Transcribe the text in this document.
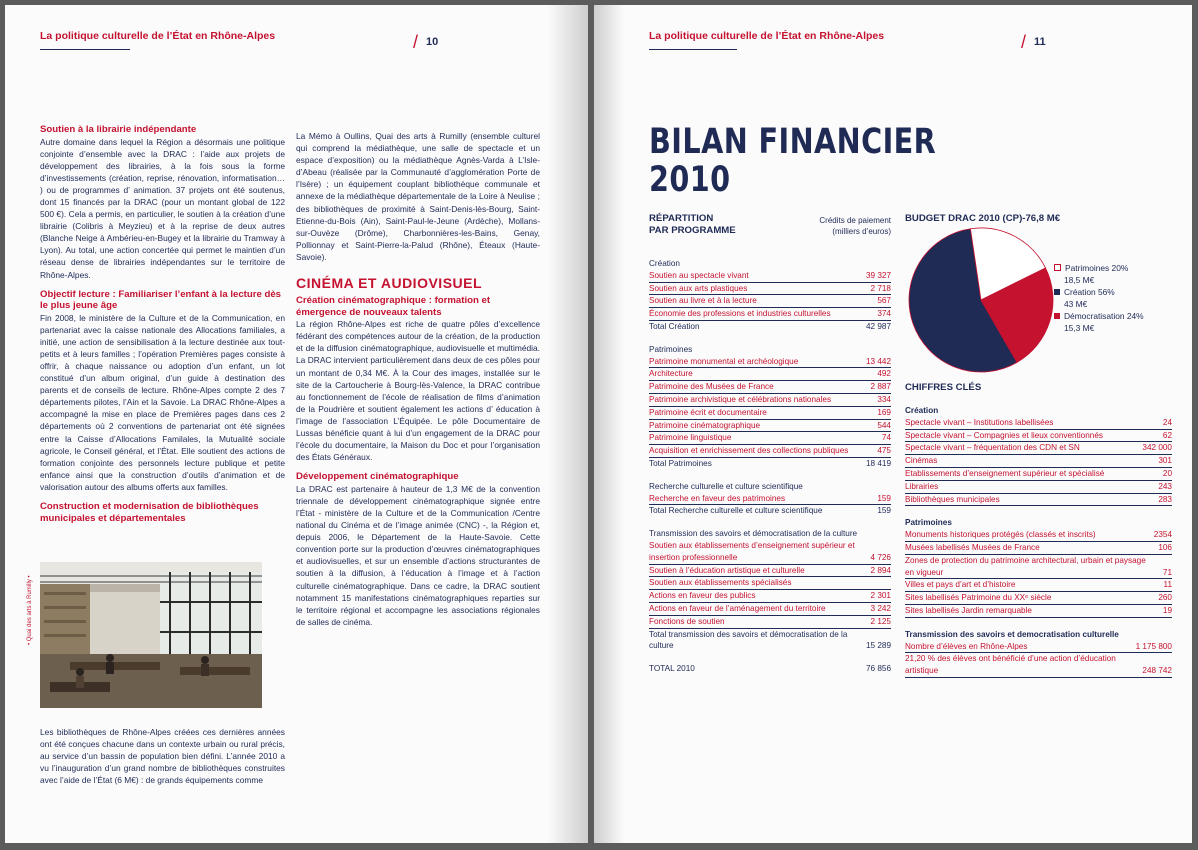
La politique culturelle de l’État en Rhône-Alpes	/ 10
Soutien à la librairie indépendante

Autre domaine dans lequel la Région a désormais une politique conjointe d’ensemble avec la DRAC : l’aide aux projets de développement des librairies, à la fois sous la forme d’investissements (création, reprise, rénovation, informatisation… ) ou de programmes d’ animation. 37 projets ont été soutenus, dont 15 financés par la DRAC (pour un montant global de 122 500 €). Cela a permis, en particulier, le soutien à la création d’une librairie (Colibris à Meyzieu) et à la reprise de deux autres (Blanche Neige à Ambérieu-en-Bugey et la librairie du Tramway à Lyon). Au total, une action concertée qui permet le maintien d’un réseau dense de librairies indépendantes sur le territoire de Rhône-Alpes.

Objectif lecture : Familiariser l’enfant à la lecture dès le plus jeune âge

Fin 2008, le ministère de la Culture et de la Communication, en partenariat avec la caisse nationale des Allocations familiales, a initié, une action de sensibilisation à la lecture destinée aux tout-petits et à leurs familles ; l’opération Premières pages consiste à offrir, à chaque naissance ou adoption d’un enfant, un lot constitué d’un album original, d’un guide à destination des parents et de conseils de lecture. Rhône-Alpes compte 2 des 7 départements pilotes, l’Ain et la Savoie. La DRAC Rhône-Alpes a accompagné la mise en place de Premières pages dans ces 2 départements où 2 conventions de partenariat ont été signées entre la Caisse d’Allocations Familales, la Mutualité sociale agricole, le Conseil général, et l’État. Elle soutient des actions de formation conjointe des personnels lecture publique et petite enfance ainsi que la construction d’outils d’animation et de valorisation autour des albums offerts aux familles.

Construction et modernisation de bibliothèques municipales et départementales
• Quai des arts à Rumilly •

Les bibliothèques de Rhône-Alpes créées ces dernières années ont été conçues chacune dans un contexte urbain ou rural précis, au service d’un bassin de population bien défini. L’année 2010 a vu l’inauguration d’un grand nombre de bibliothèques construites avec l’aide de l’État (6 M€) : de grands équipements comme

La Mémo à Oullins, Quai des arts à Rumilly (ensemble culturel qui comprend la médiathèque, une salle de spectacle et un espace d’exposition) ou la médiathèque Agnès-Varda à L’Isle-d’Abeau (réalisée par la Communauté d’agglomération Porte de l’Isère) ; un équipement couplant bibliothèque communale et annexe de la médiathèque départementale de la Loire à Neulise ; des bibliothèques de proximité à Saint-Denis-lès-Bourg, Saint-Etienne-du-Bois (Ain), Saint-Paul-le-Jeune (Ardèche), Mollans-sur-Ouvèze (Drôme), Charbonnières-les-Bains, Genay, Pollionnay et Saint-Pierre-la-Palud (Rhône), Éteaux (Haute-Savoie).

CINÉMA ET AUDIOVISUEL
Création cinématographique : formation et émergence de nouveaux talents

La région Rhône-Alpes est riche de quatre pôles d’excellence fédérant des compétences autour de la création, de la production et de la diffusion cinématographique, audiovisuelle et multimédia. La DRAC intervient particulièrement dans deux de ces pôles pour un montant de 0,34 M€. À la Cour des images, installée sur le site de la Cartoucherie à Bourg-lès-Valence, la DRAC contribue au fonctionnement de l’école de réalisation de films d’animation de la Poudrière et soutient également les actions d’ éducation à l’image de l’association L’Équipée. Le pôle Documentaire de Lussas bénéficie quant à lui d’un engagement de la DRAC pour l’école du documentaire, la Maison du Doc et pour l’organisation des États Généraux.

Développement cinématographique

La DRAC est partenaire à hauteur de 1,3 M€ de la convention triennale de développement cinématographique signée entre l’État - ministère de la Culture et de la Communication /Centre national du Cinéma et de l’image animée (CNC) -, la Région et, depuis 2006, le Département de la Haute-Savoie. Cette convention porte sur la production d’œuvres cinématographiques et audiovisuelles, et sur un ensemble d’actions structurantes de soutien à la diffusion, à l’éducation à l’image et à l’action culturelle cinématographique. Dans ce cadre, la DRAC soutient notamment 15 manifestations cinématographiques reparties sur le territoire régional et accompagne les associations régionales de salles de cinéma.

La politique culturelle de l’État en Rhône-Alpes	/ 11
BILAN FINANCIER
2010
RÉPARTITION
PAR PROGRAMME
Crédits de paiement
(milliers d’euros)
Création
Soutien au spectacle vivant	39 327
Soutien aux arts plastiques	2 718
Soutien au livre et à la lecture	567
Économie des professions et industries culturelles	374
Total Création	42 987
Patrimoines
Patrimoine monumental et archéologique	13 442
Architecture	492
Patrimoine des Musées de France	2 887
Patrimoine archivistique et célébrations nationales	334
Patrimoine écrit et documentaire	169
Patrimoine cinématographique	544
Patrimoine linguistique	74
Acquisition et enrichissement des collections publiques	475
Total Patrimoines	18 419
Recherche culturelle et culture scientifique
Recherche en faveur des patrimoines	159
Total Recherche culturelle et culture scientifique	159
Transmission des savoirs et démocratisation de la culture
Soutien aux établissements d’enseignement supérieur et insertion professionnelle	4 726
Soutien à l’éducation artistique et culturelle	2 894
Soutien aux établissements spécialisés
Actions en faveur des publics	2 301
Actions en faveur de l’aménagement du territoire	3 242
Fonctions de soutien	2 125
Total transmission des savoirs et démocratisation de la culture	15 289
TOTAL 2010	76 856
BUDGET DRAC 2010 (CP)-76,8 M€
Patrimoines 20%
18,5 M€
Création 56%
43 M€
Démocratisation 24%
15,3 M€
CHIFFRES CLÉS
Création
Spectacle vivant – Institutions labellisées	24
Spectacle vivant – Compagnies et lieux conventionnés	62
Spectacle vivant – fréquentation des CDN et SN	342 000
Cinémas	301
Etablissements d’enseignement supérieur et spécialisé	20
Librairies	243
Bibliothèques municipales	283
Patrimoines
Monuments historiques protégés (classés et inscrits)	2354
Musées labellisés Musées de France	106
Zones de protection du patrimoine architectural, urbain et paysage en vigueur	71
Villes et pays d’art et d’histoire	11
Sites labellisés Patrimoine du XXᵉ siècle	260
Sites labellisés Jardin remarquable	19
Transmission des savoirs et democratisation culturelle
Nombre d’élèves en Rhône-Alpes	1 175 800
21,20 % des élèves ont bénéficié d’une action d’éducation artistique	248 742
